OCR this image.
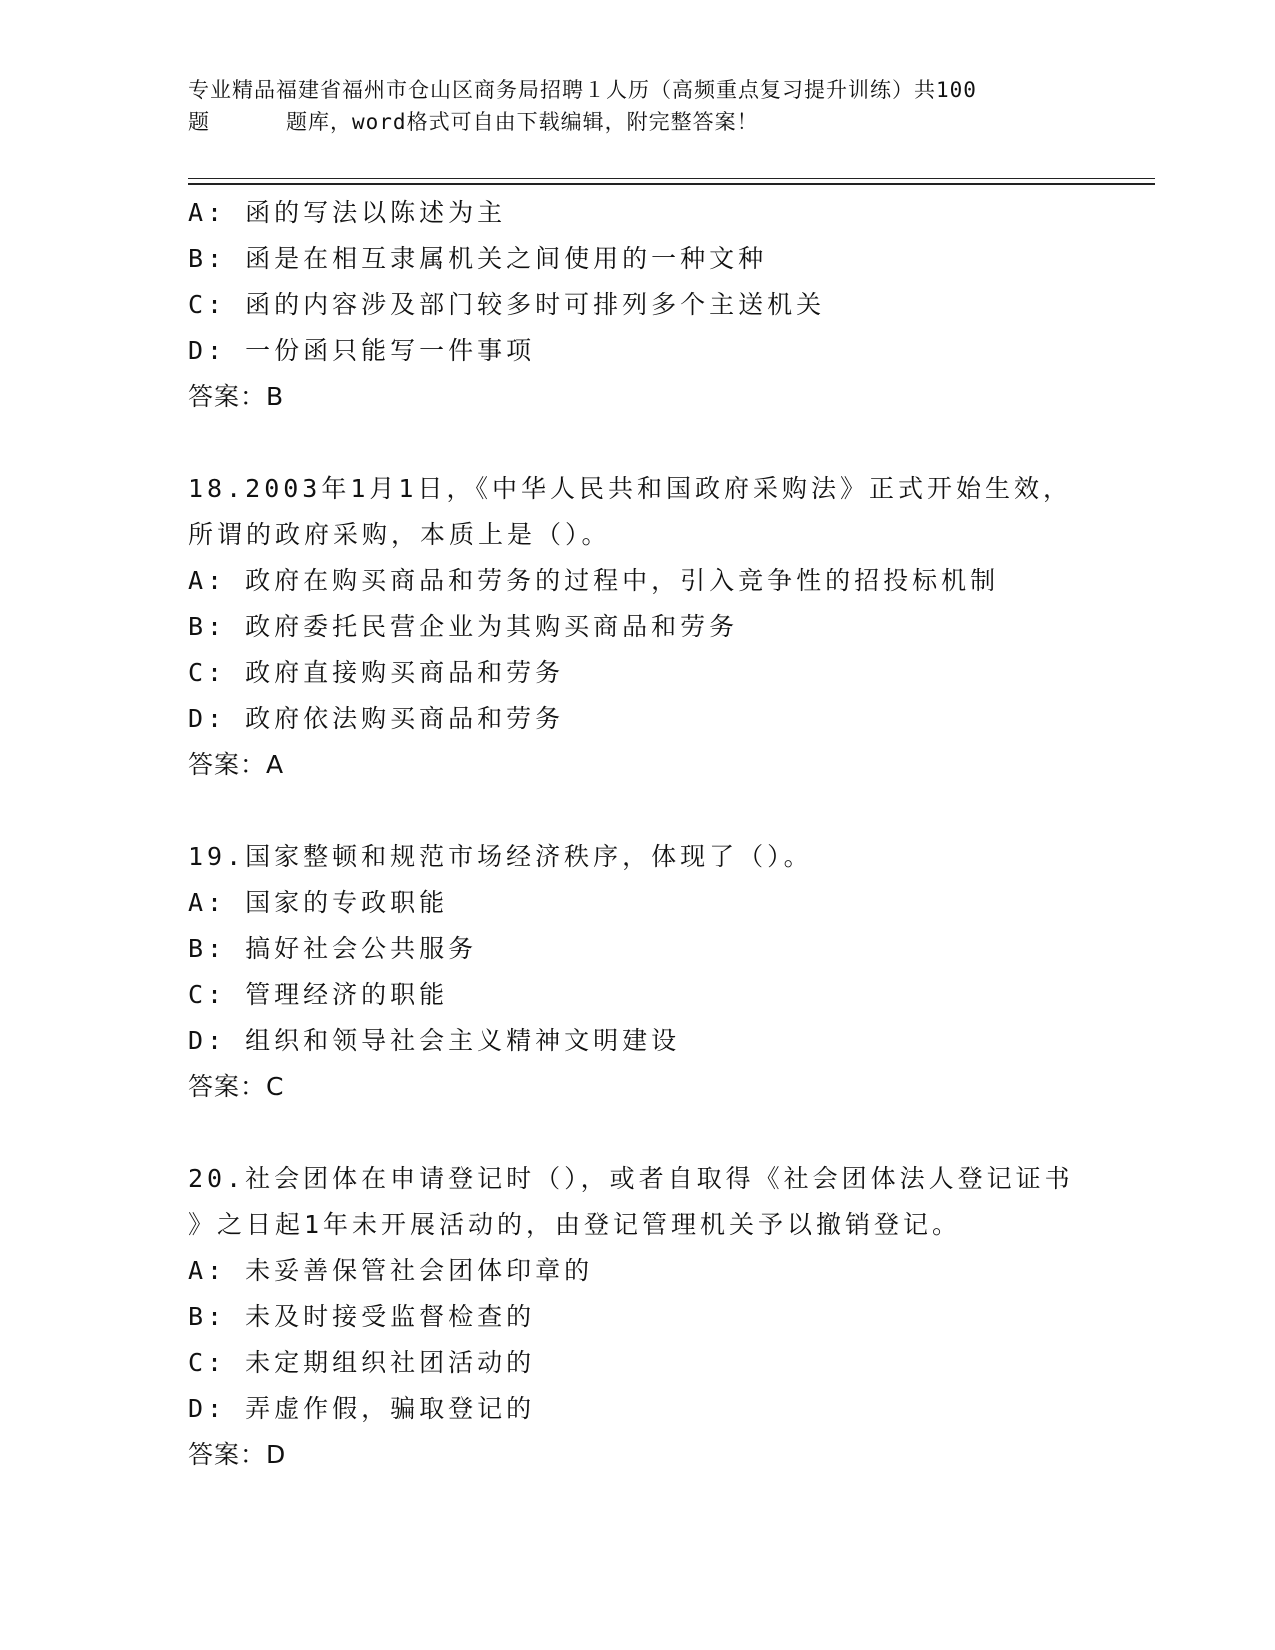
专业精品福建省福州市仓山区商务局招聘１人历（高频重点复习提升训练）共100
题	题库，word格式可自由下载编辑，附完整答案！
A: 函的写法以陈述为主
B: 函是在相互隶属机关之间使用的一种文种
C: 函的内容涉及部门较多时可排列多个主送机关
D: 一份函只能写一件事项
答案：B
18.2003年1月1日，《中华人民共和国政府采购法》正式开始生效，
所谓的政府采购，本质上是（）。
A: 政府在购买商品和劳务的过程中，引入竞争性的招投标机制
B: 政府委托民营企业为其购买商品和劳务
C: 政府直接购买商品和劳务
D: 政府依法购买商品和劳务
答案：A
19.国家整顿和规范市场经济秩序，体现了（）。
A: 国家的专政职能
B: 搞好社会公共服务
C: 管理经济的职能
D: 组织和领导社会主义精神文明建设
答案：C
20.社会团体在申请登记时（），或者自取得《社会团体法人登记证书
》之日起1年未开展活动的，由登记管理机关予以撤销登记。
A: 未妥善保管社会团体印章的
B: 未及时接受监督检查的
C: 未定期组织社团活动的
D: 弄虚作假，骗取登记的
答案：D
